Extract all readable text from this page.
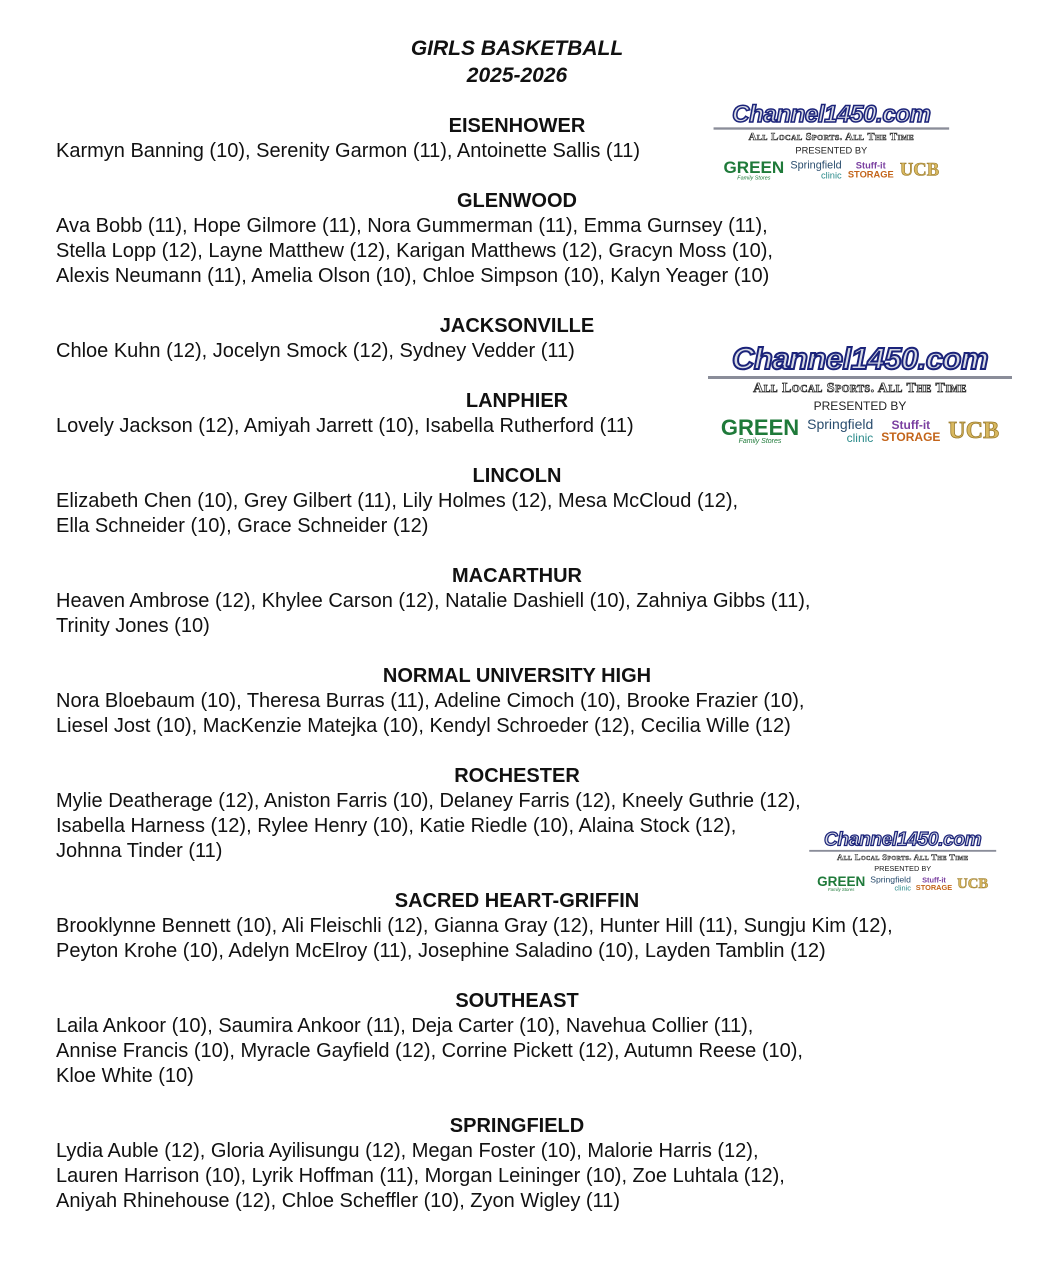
GIRLS BASKETBALL
2025-2026
EISENHOWER
Karmyn Banning (10), Serenity Garmon (11), Antoinette Sallis (11)
GLENWOOD
Ava Bobb (11), Hope Gilmore (11), Nora Gummerman (11), Emma Gurnsey (11),
Stella Lopp (12), Layne Matthew (12), Karigan Matthews (12), Gracyn Moss (10),
Alexis Neumann (11), Amelia Olson (10), Chloe Simpson (10), Kalyn Yeager (10)
JACKSONVILLE
Chloe Kuhn (12), Jocelyn Smock (12), Sydney Vedder (11)
LANPHIER
Lovely Jackson (12), Amiyah Jarrett (10), Isabella Rutherford (11)
LINCOLN
Elizabeth Chen (10), Grey Gilbert (11), Lily Holmes (12), Mesa McCloud (12),
Ella Schneider (10), Grace Schneider (12)
MACARTHUR
Heaven Ambrose (12), Khylee Carson (12), Natalie Dashiell (10), Zahniya Gibbs (11),
Trinity Jones (10)
NORMAL UNIVERSITY HIGH
Nora Bloebaum (10), Theresa Burras (11), Adeline Cimoch (10), Brooke Frazier (10),
Liesel Jost (10), MacKenzie Matejka (10), Kendyl Schroeder (12), Cecilia Wille (12)
ROCHESTER
Mylie Deatherage (12), Aniston Farris (10), Delaney Farris (12), Kneely Guthrie (12),
Isabella Harness (12), Rylee Henry (10), Katie Riedle (10), Alaina Stock (12),
Johnna Tinder (11)
SACRED HEART-GRIFFIN
Brooklynne Bennett (10), Ali Fleischli (12), Gianna Gray (12), Hunter Hill (11), Sungju Kim (12),
Peyton Krohe (10), Adelyn McElroy (11), Josephine Saladino (10), Layden Tamblin (12)
SOUTHEAST
Laila Ankoor (10), Saumira Ankoor (11), Deja Carter (10), Navehua Collier (11),
Annise Francis (10), Myracle Gayfield (12), Corrine Pickett (12), Autumn Reese (10),
Kloe White (10)
SPRINGFIELD
Lydia Auble (12), Gloria Ayilisungu (12), Megan Foster (10), Malorie Harris (12),
Lauren Harrison (10), Lyrik Hoffman (11), Morgan Leininger (10), Zoe Luhtala (12),
Aniyah Rhinehouse (12), Chloe Scheffler (10), Zyon Wigley (11)
Channel1450.com
All Local Sports. All The Time
PRESENTED BY
GREEN
Family Stores
Springfield
clinic
Stuff-it
STORAGE UCB
Channel1450.com
All Local Sports. All The Time
PRESENTED BY
GREEN
Family Stores
Springfield
clinic
Stuff-it
STORAGE UCB
Channel1450.com
All Local Sports. All The Time
PRESENTED BY
GREEN
Family Stores
Springfield
clinic
Stuff-it
STORAGE UCB
